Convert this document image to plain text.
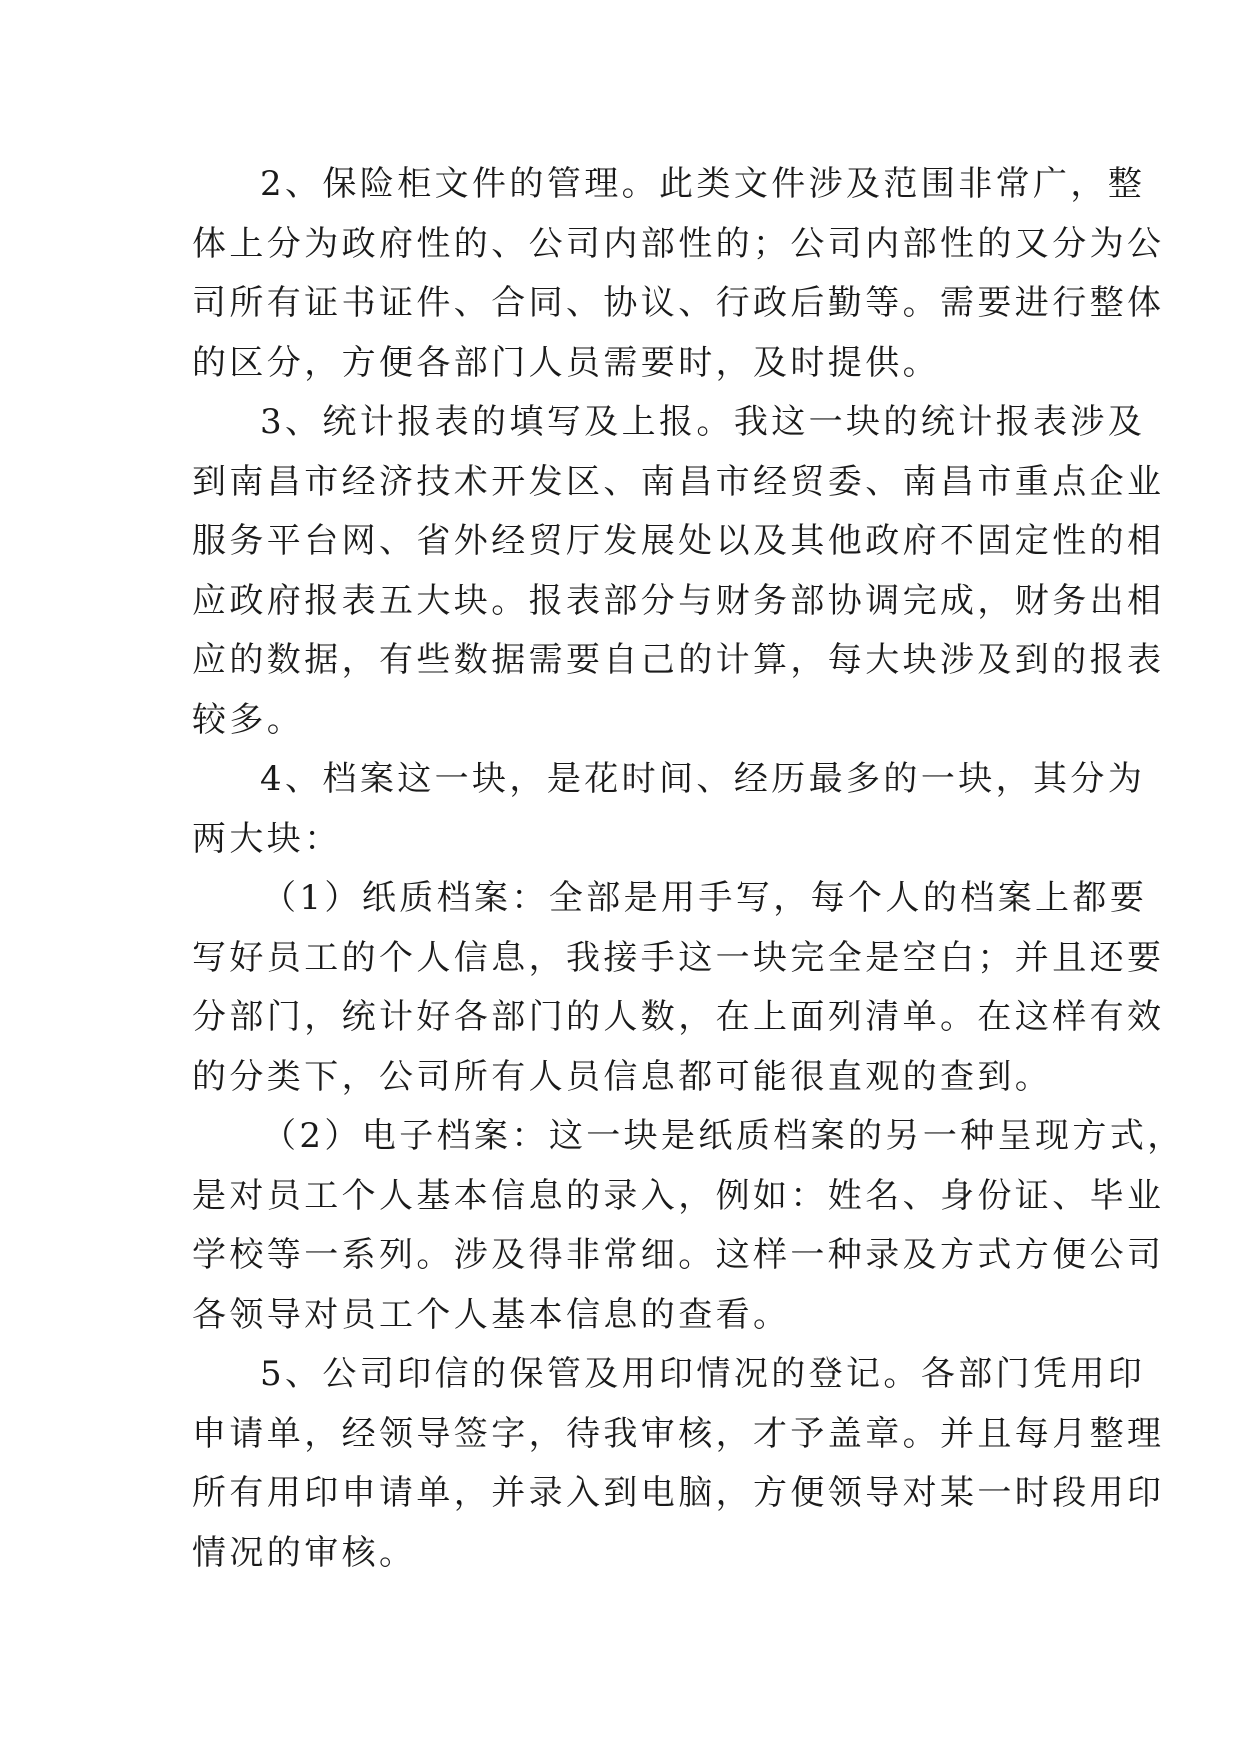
2、保险柜文件的管理。此类文件涉及范围非常广，整
体上分为政府性的、公司内部性的；公司内部性的又分为公
司所有证书证件、合同、协议、行政后勤等。需要进行整体
的区分，方便各部门人员需要时，及时提供。
3、统计报表的填写及上报。我这一块的统计报表涉及
到南昌市经济技术开发区、南昌市经贸委、南昌市重点企业
服务平台网、省外经贸厅发展处以及其他政府不固定性的相
应政府报表五大块。报表部分与财务部协调完成，财务出相
应的数据，有些数据需要自己的计算，每大块涉及到的报表
较多。
4、档案这一块，是花时间、经历最多的一块，其分为
两大块：
（1）纸质档案：全部是用手写，每个人的档案上都要
写好员工的个人信息，我接手这一块完全是空白；并且还要
分部门，统计好各部门的人数，在上面列清单。在这样有效
的分类下，公司所有人员信息都可能很直观的查到。
（2）电子档案：这一块是纸质档案的另一种呈现方式，
是对员工个人基本信息的录入，例如：姓名、身份证、毕业
学校等一系列。涉及得非常细。这样一种录及方式方便公司
各领导对员工个人基本信息的查看。
5、公司印信的保管及用印情况的登记。各部门凭用印
申请单，经领导签字，待我审核，才予盖章。并且每月整理
所有用印申请单，并录入到电脑，方便领导对某一时段用印
情况的审核。
